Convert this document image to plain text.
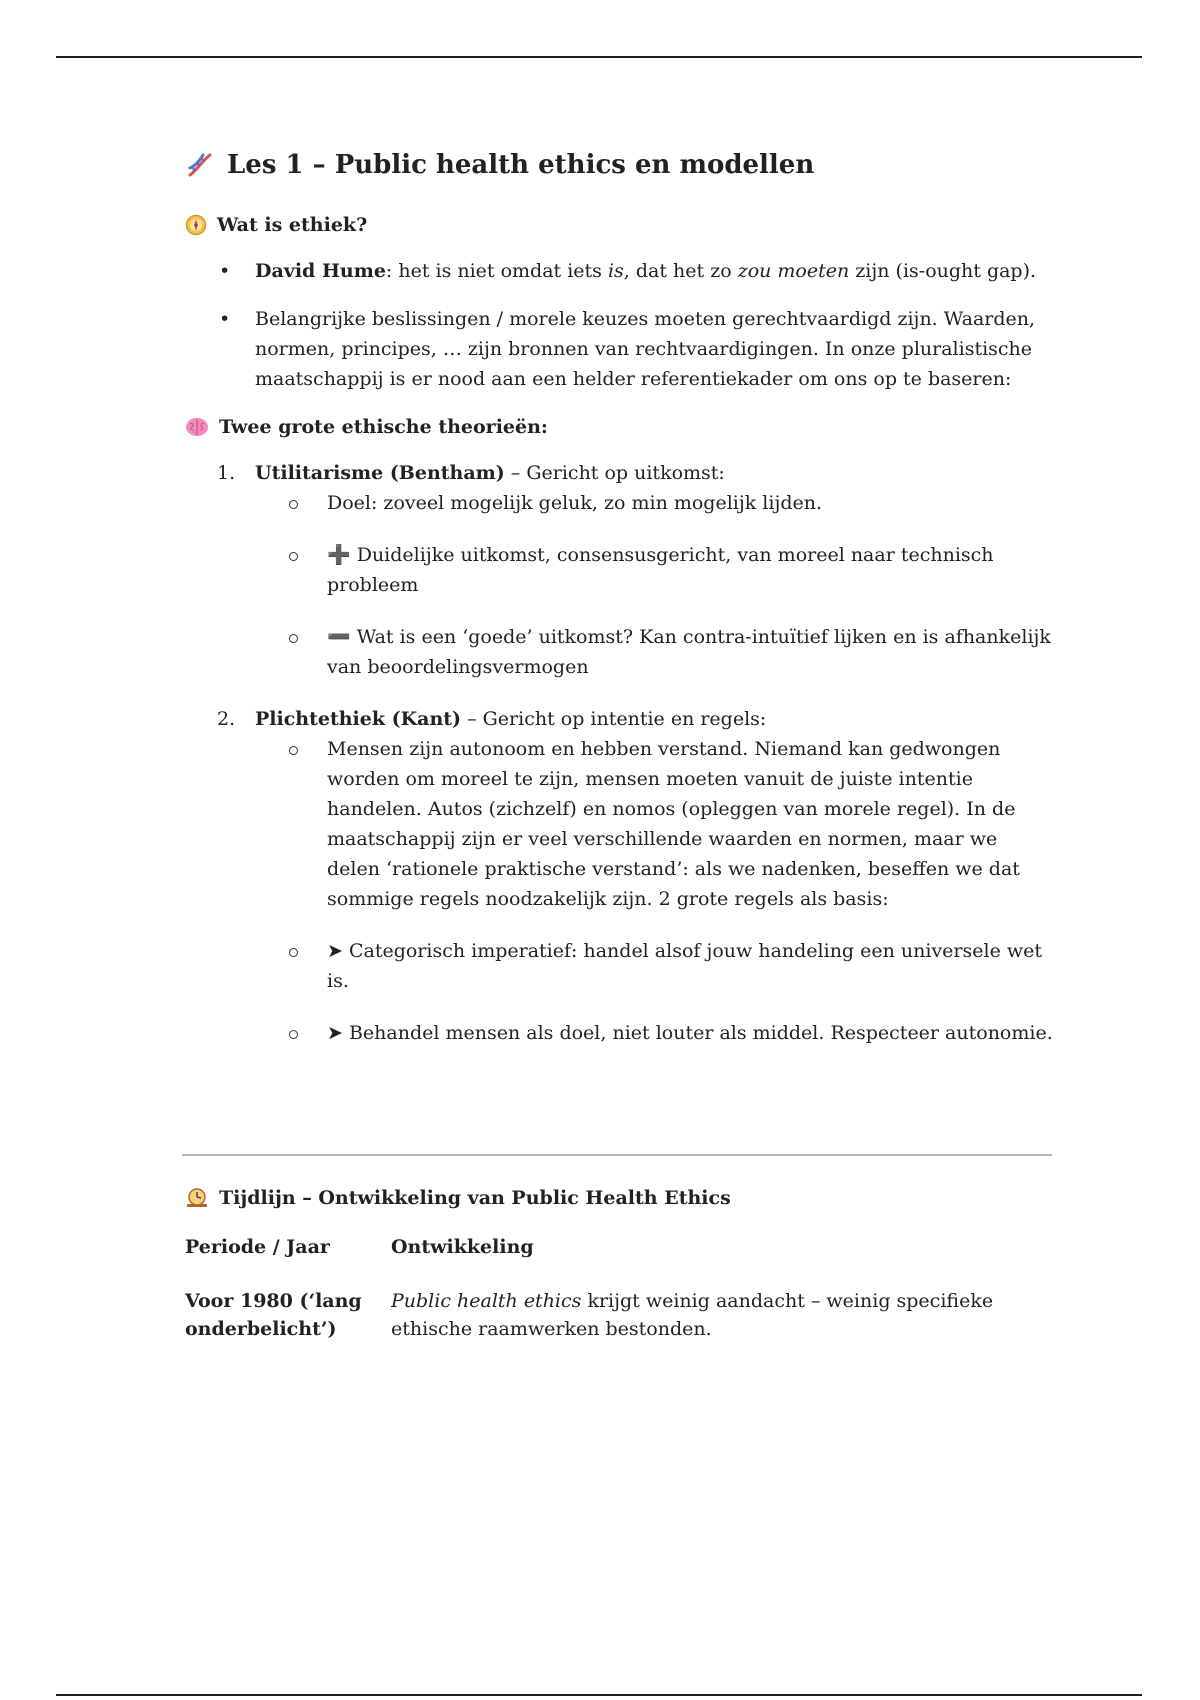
Les 1 – Public health ethics en modellen
Wat is ethiek?
• David Hume: het is niet omdat iets is, dat het zo zou moeten zijn (is-ought gap).
• Belangrijke beslissingen / morele keuzes moeten gerechtvaardigd zijn. Waarden, normen, principes, … zijn bronnen van rechtvaardigingen. In onze pluralistische maatschappij is er nood aan een helder referentiekader om ons op te baseren:
Twee grote ethische theorieën:
1. Utilitarisme (Bentham) – Gericht op uitkomst:
Doel: zoveel mogelijk geluk, zo min mogelijk lijden.
➕ Duidelijke uitkomst, consensusgericht, van moreel naar technisch probleem
➖ Wat is een ‘goede’ uitkomst? Kan contra-intuïtief lijken en is afhankelijk van beoordelingsvermogen
2. Plichtethiek (Kant) – Gericht op intentie en regels:
Mensen zijn autonoom en hebben verstand. Niemand kan gedwongen worden om moreel te zijn, mensen moeten vanuit de juiste intentie handelen. Autos (zichzelf) en nomos (opleggen van morele regel). In de maatschappij zijn er veel verschillende waarden en normen, maar we delen ‘rationele praktische verstand’: als we nadenken, beseffen we dat sommige regels noodzakelijk zijn. 2 grote regels als basis:
➤ Categorisch imperatief: handel alsof jouw handeling een universele wet is.
➤ Behandel mensen als doel, niet louter als middel. Respecteer autonomie.
Tijdlijn – Ontwikkeling van Public Health Ethics
Periode / Jaar	Ontwikkeling
Voor 1980 (‘lang onderbelicht’)	Public health ethics krijgt weinig aandacht – weinig specifieke ethische raamwerken bestonden.
